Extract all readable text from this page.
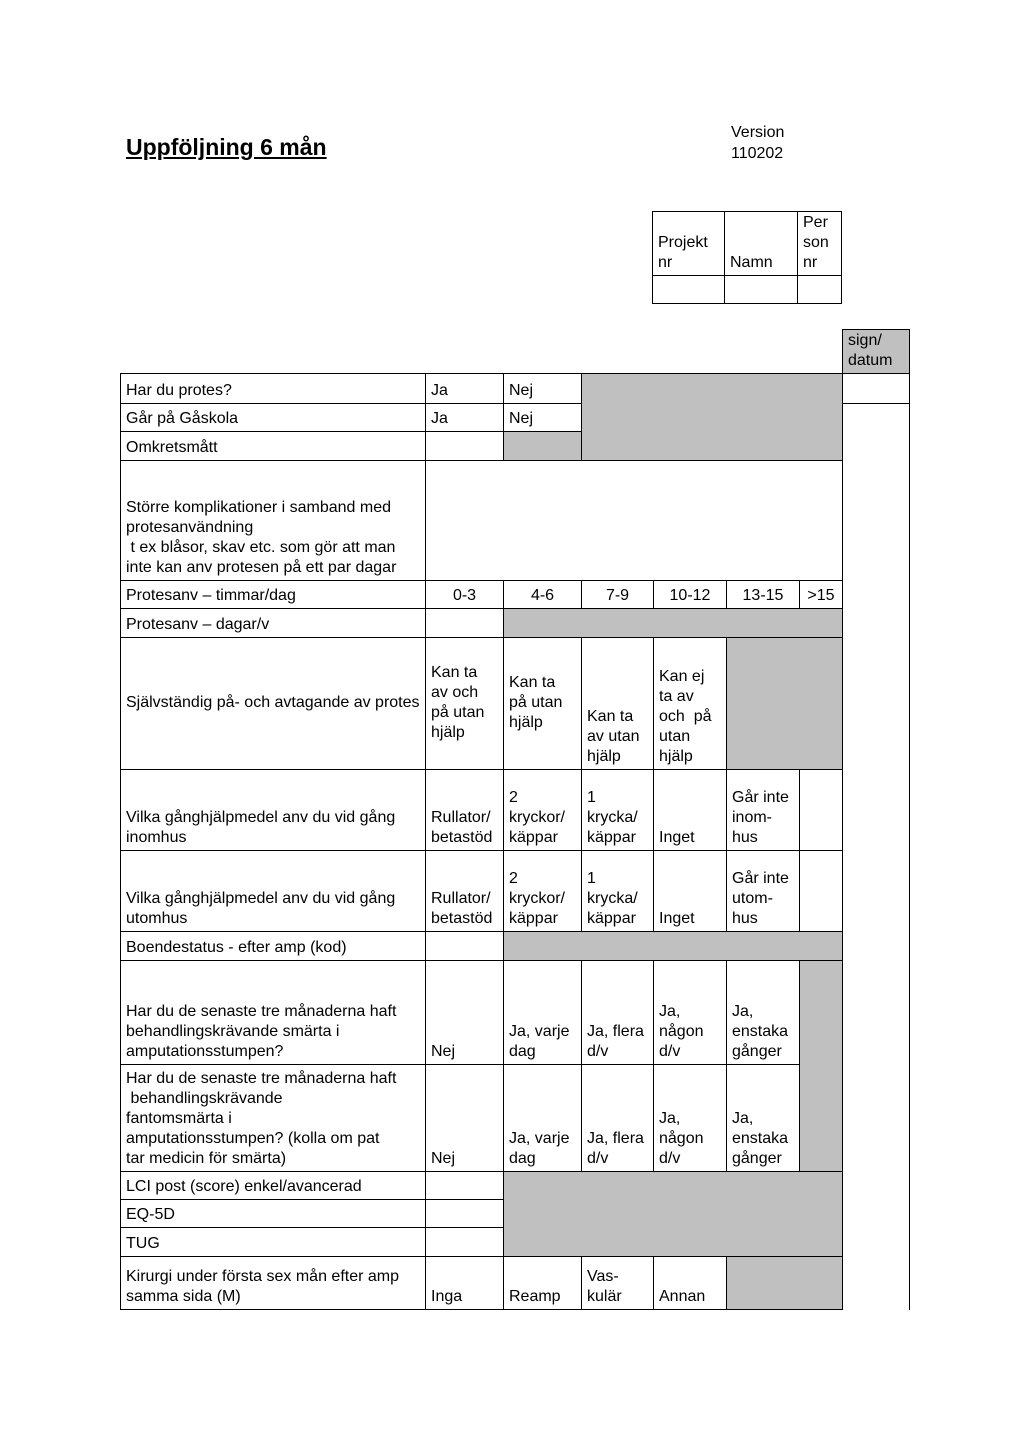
Uppföljning 6 mån
Version
110202
Projekt nr	Namn	Per son nr

							sign/ datum
Har du protes?	Ja	Nej					
Går på Gåskola	Ja	Nej					
Omkretsmått							

Större komplikationer i samband med
protesanvändning
t ex blåsor, skav etc. som gör att man
inte kan anv protesen på ett par dagar							

Protesanv – timmar/dag	0-3	4-6	7-9	10-12	13-15	>15	
Protesanv – dagar/v							
Självständig på- och avtagande av protes	Kan ta av och på utan hjälp	Kan ta på utan hjälp	Kan ta av utan hjälp	Kan ej ta av och  på utan hjälp			
Vilka gånghjälpmedel anv du vid gång inomhus	Rullator/ betastöd	2 kryckor/ käppar	1 krycka/ käppar	Inget	Går inte inom-hus		
Vilka gånghjälpmedel anv du vid gång utomhus	Rullator/ betastöd	2 kryckor/ käppar	1 krycka/ käppar	Inget	Går inte utom-hus		
Boendestatus - efter amp (kod)							
Har du de senaste tre månaderna haft behandlingskrävande smärta i amputationsstumpen?	Nej	Ja, varje dag	Ja, flera d/v	Ja, någon d/v	Ja, enstaka gånger		

Har du de senaste tre månaderna haft
behandlingskrävande
fantomsmärta i
amputationsstumpen? (kolla om pat
tar medicin för smärta)	Nej	Ja, varje dag	Ja, flera d/v	Ja, någon d/v	Ja, enstaka gånger		
LCI post (score) enkel/avancerad							
EQ-5D							
TUG							
Kirurgi under första sex mån efter amp samma sida (M)	Inga	Reamp	Vas-kulär	Annan			
